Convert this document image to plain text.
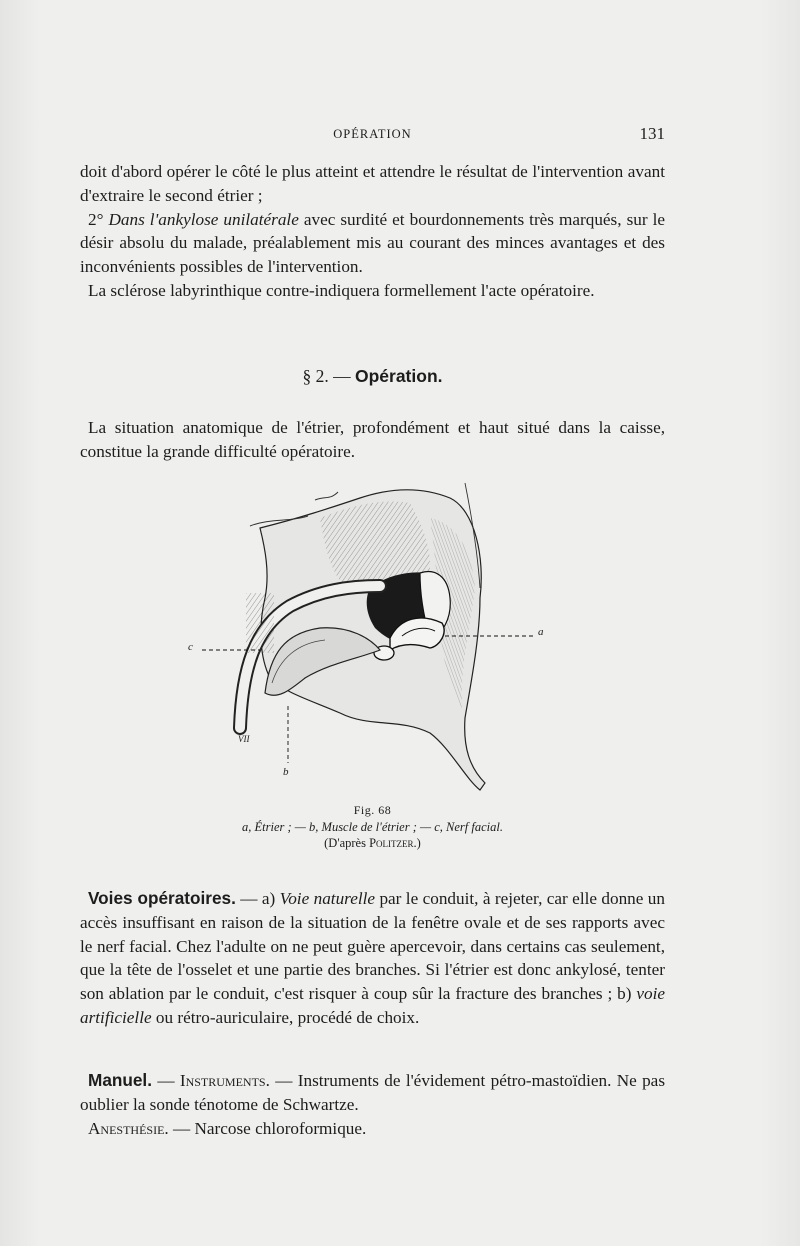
OPÉRATION	131

doit d'abord opérer le côté le plus atteint et attendre le résultat de l'intervention avant d'extraire le second étrier ;

2° Dans l'ankylose unilatérale avec surdité et bourdonnements très marqués, sur le désir absolu du malade, préalablement mis au courant des minces avantages et des inconvénients possibles de l'intervention.

La sclérose labyrinthique contre-indiquera formellement l'acte opératoire.

§ 2. — Opération.

La situation anatomique de l'étrier, profondément et haut situé dans la caisse, constitue la grande difficulté opératoire.

a
b
c
VII
Fig. 68
a, Étrier ; — b, Muscle de l'étrier ; — c, Nerf facial.
(D'après Politzer.)

Voies opératoires. — a) Voie naturelle par le conduit, à rejeter, car elle donne un accès insuffisant en raison de la situation de la fenêtre ovale et de ses rapports avec le nerf facial. Chez l'adulte on ne peut guère apercevoir, dans certains cas seulement, que la tête de l'osselet et une partie des branches. Si l'étrier est donc ankylosé, tenter son ablation par le conduit, c'est risquer à coup sûr la fracture des branches ; b) voie artificielle ou rétro-auriculaire, procédé de choix.

Manuel. — Instruments. — Instruments de l'évidement pétro-mastoïdien. Ne pas oublier la sonde ténotome de Schwartze.

Anesthésie. — Narcose chloroformique.
